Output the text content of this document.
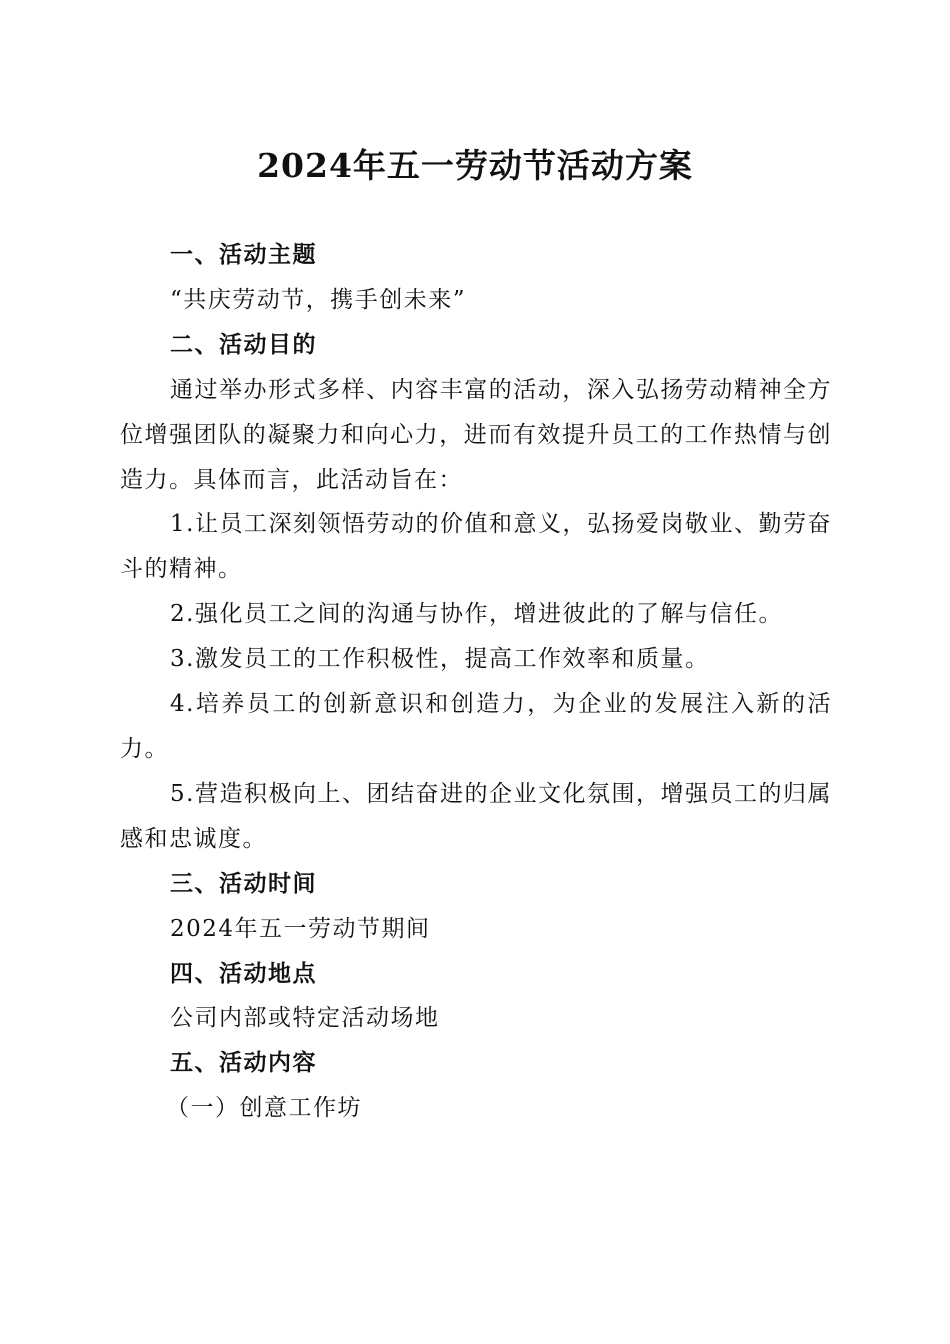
2024年五一劳动节活动方案

一、活动主题

“共庆劳动节，携手创未来”

二、活动目的

通过举办形式多样、内容丰富的活动，深入弘扬劳动精神全方位增强团队的凝聚力和向心力，进而有效提升员工的工作热情与创造力。具体而言，此活动旨在：

1.让员工深刻领悟劳动的价值和意义，弘扬爱岗敬业、勤劳奋斗的精神。

2.强化员工之间的沟通与协作，增进彼此的了解与信任。

3.激发员工的工作积极性，提高工作效率和质量。

4.培养员工的创新意识和创造力，为企业的发展注入新的活力。

5.营造积极向上、团结奋进的企业文化氛围，增强员工的归属感和忠诚度。

三、活动时间

2024年五一劳动节期间

四、活动地点

公司内部或特定活动场地

五、活动内容

（一）创意工作坊
